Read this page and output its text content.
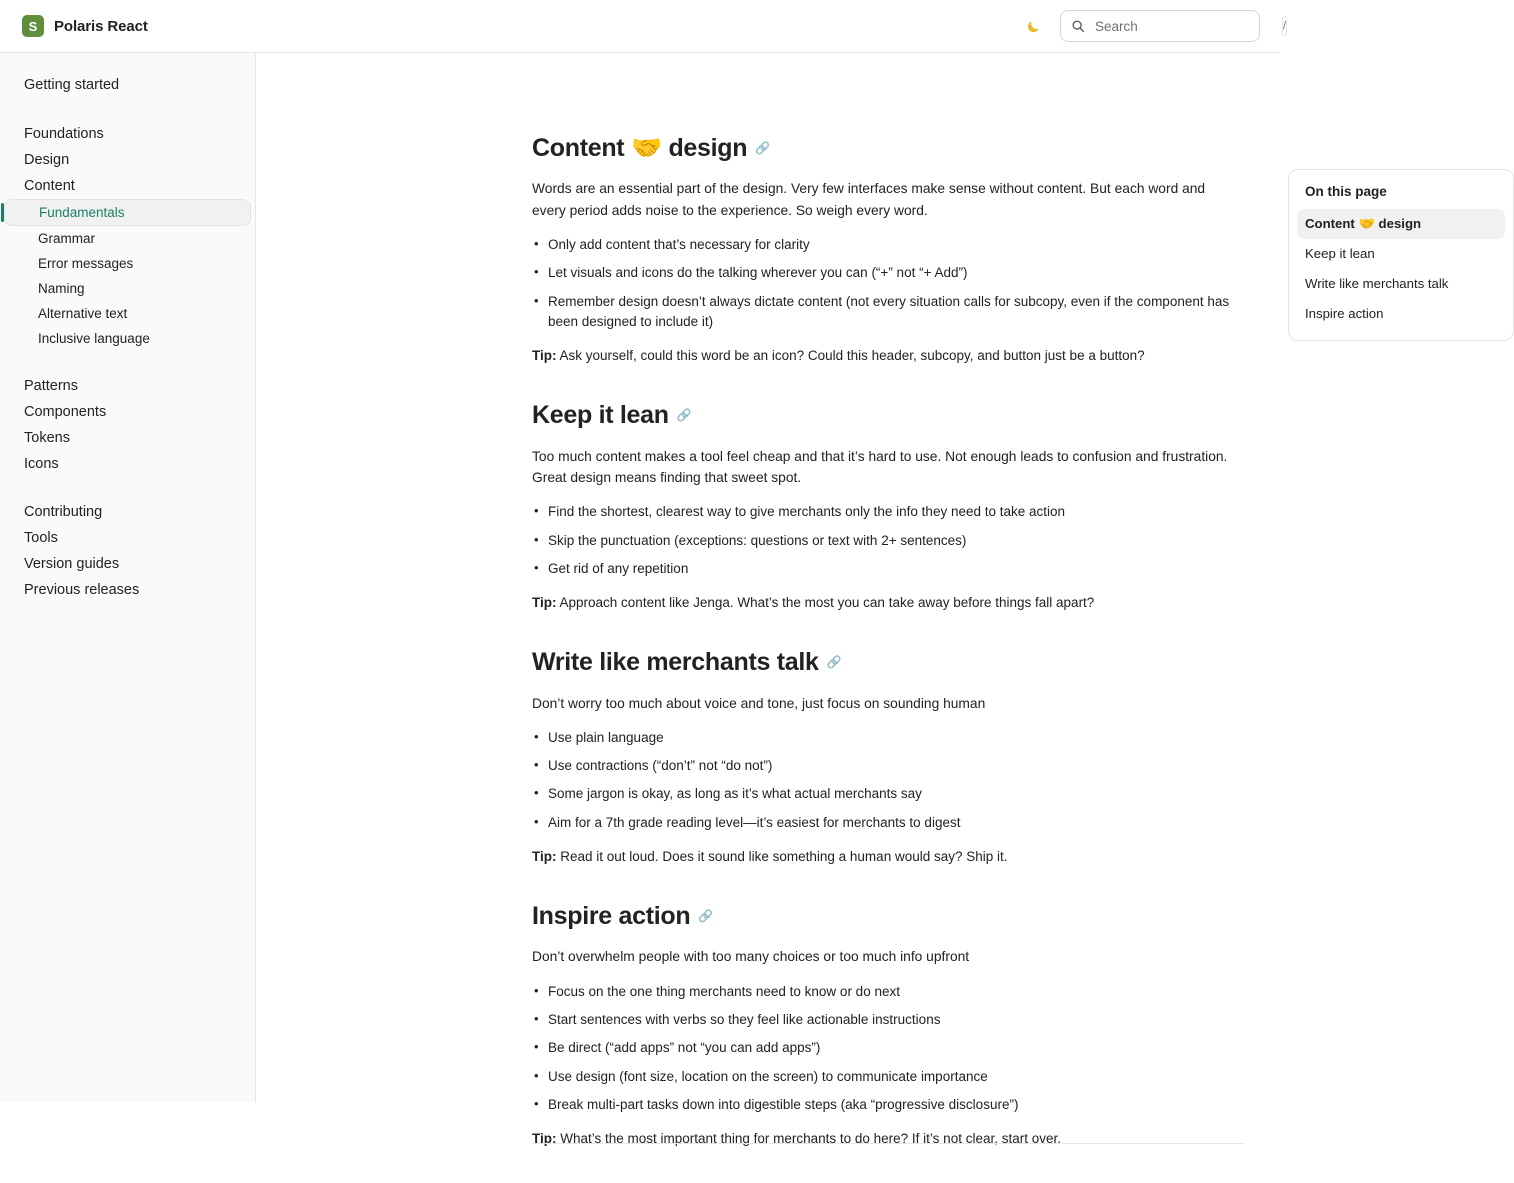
S Polaris React
Search	/
Getting started
Foundations
Design
Content
Fundamentals
Grammar
Error messages
Naming
Alternative text
Inclusive language
Patterns
Components
Tokens
Icons
Contributing
Tools
Version guides
Previous releases
Content 🤝 design 🔗

Words are an essential part of the design. Very few interfaces make sense without content. But each word and every period adds noise to the experience. So weigh every word.

• Only add content that’s necessary for clarity
• Let visuals and icons do the talking wherever you can (“+” not “+ Add”)
• Remember design doesn’t always dictate content (not every situation calls for subcopy, even if the component has been designed to include it)

Tip: Ask yourself, could this word be an icon? Could this header, subcopy, and button just be a button?

Keep it lean 🔗

Too much content makes a tool feel cheap and that it’s hard to use. Not enough leads to confusion and frustration. Great design means finding that sweet spot.

• Find the shortest, clearest way to give merchants only the info they need to take action
• Skip the punctuation (exceptions: questions or text with 2+ sentences)
• Get rid of any repetition

Tip: Approach content like Jenga. What’s the most you can take away before things fall apart?

Write like merchants talk 🔗

Don’t worry too much about voice and tone, just focus on sounding human

• Use plain language
• Use contractions (“don’t” not “do not”)
• Some jargon is okay, as long as it’s what actual merchants say
• Aim for a 7th grade reading level—it’s easiest for merchants to digest

Tip: Read it out loud. Does it sound like something a human would say? Ship it.

Inspire action 🔗

Don’t overwhelm people with too many choices or too much info upfront

• Focus on the one thing merchants need to know or do next
• Start sentences with verbs so they feel like actionable instructions
• Be direct (“add apps” not “you can add apps”)
• Use design (font size, location on the screen) to communicate importance
• Break multi-part tasks down into digestible steps (aka “progressive disclosure”)

Tip: What’s the most important thing for merchants to do here? If it’s not clear, start over.

On this page
Content 🤝 design
Keep it lean
Write like merchants talk
Inspire action
